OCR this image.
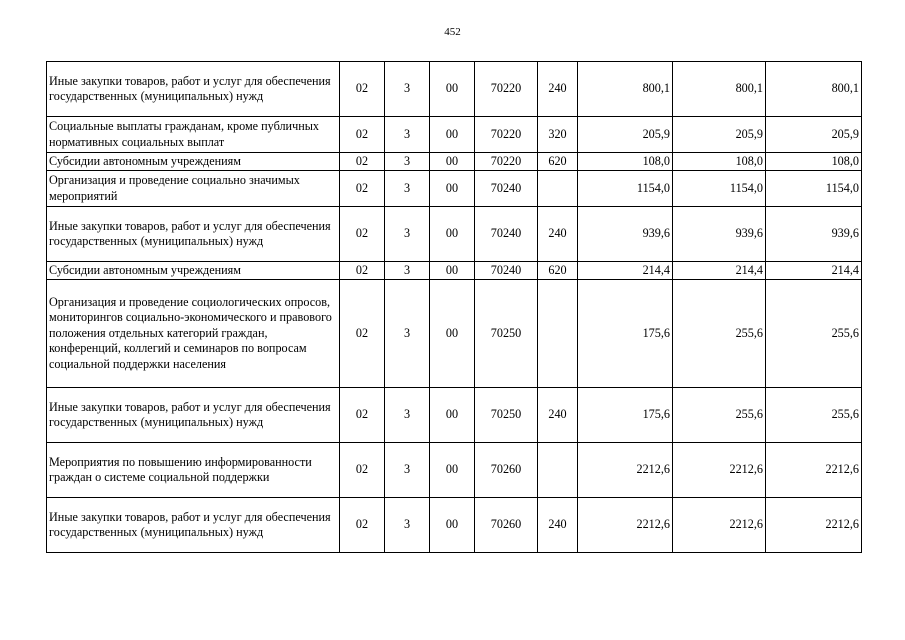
452
Иные закупки товаров, работ и услуг для обеспечения государственных (муниципальных) нужд	02	3	00	70220	240	800,1	800,1	800,1
Социальные выплаты гражданам, кроме публичных нормативных социальных выплат	02	3	00	70220	320	205,9	205,9	205,9
Субсидии автономным учреждениям	02	3	00	70220	620	108,0	108,0	108,0
Организация и проведение социально значимых мероприятий	02	3	00	70240		1154,0	1154,0	1154,0
Иные закупки товаров, работ и услуг для обеспечения государственных (муниципальных) нужд	02	3	00	70240	240	939,6	939,6	939,6
Субсидии автономным учреждениям	02	3	00	70240	620	214,4	214,4	214,4
Организация и проведение социологических опросов, мониторингов социально-экономического и правового положения отдельных категорий граждан, конференций, коллегий и семинаров по вопросам социальной поддержки населения	02	3	00	70250		175,6	255,6	255,6
Иные закупки товаров, работ и услуг для обеспечения государственных (муниципальных) нужд	02	3	00	70250	240	175,6	255,6	255,6
Мероприятия по повышению информированности граждан о системе социальной поддержки	02	3	00	70260		2212,6	2212,6	2212,6
Иные закупки товаров, работ и услуг для обеспечения государственных (муниципальных) нужд	02	3	00	70260	240	2212,6	2212,6	2212,6
